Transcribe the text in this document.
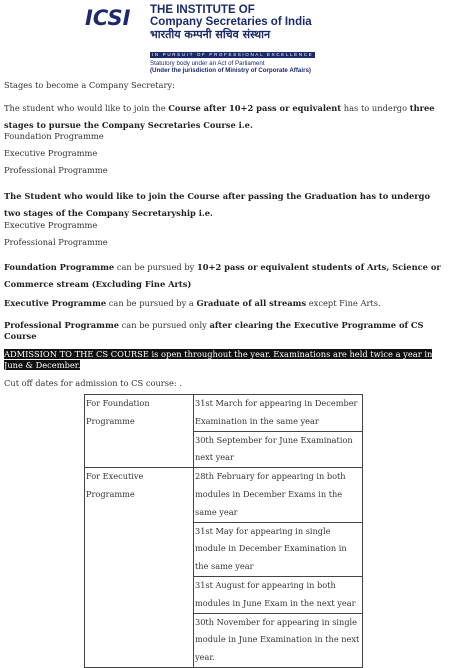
ICSI THE INSTITUTE OF
Company Secretaries of India
भारतीय कम्पनी सचिव संस्थान
IN PURSUIT OF PROFESSIONAL EXCELLENCE
Statutory body under an Act of Parliament
(Under the jurisdiction of Ministry of Corporate Affairs)
Stages to become a Company Secretary:
The student who would like to join the Course after 10+2 pass or equivalent has to undergo three stages to pursue the Company Secretaries Course i.e.
Foundation Programme
Executive Programme
Professional Programme
The Student who would like to join the Course after passing the Graduation has to undergo two stages of the Company Secretaryship i.e.
Executive Programme
Professional Programme
Foundation Programme can be pursued by 10+2 pass or equivalent students of Arts, Science or Commerce stream (Excluding Fine Arts)
Executive Programme can be pursued by a Graduate of all streams except Fine Arts.
Professional Programme can be pursued only after clearing the Executive Programme of CS Course
ADMISSION TO THE CS COURSE is open throughout the year. Examinations are held twice a year in June & December.
Cut off dates for admission to CS course: .
For Foundation Programme	31st March for appearing in December Examination in the same year
	30th September for June Examination next year
For Executive Programme	28th February for appearing in both modules in December Exams in the same year
	31st May for appearing in single module in December Examination in the same year
	31st August for appearing in both modules in June Exam in the next year
	30th November for appearing in single module in June Examination in the next year.
